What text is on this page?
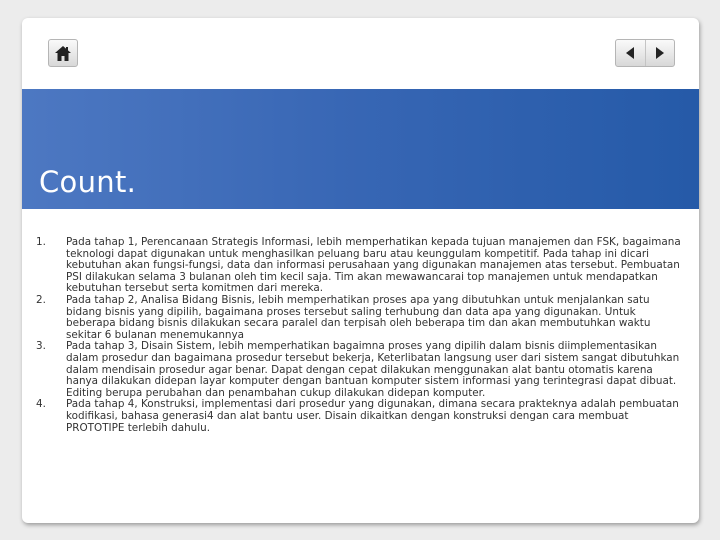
Count.
1.	Pada tahap 1, Perencanaan Strategis Informasi, lebih memperhatikan kepada tujuan manajemen dan FSK, bagaimana teknologi dapat digunakan untuk menghasilkan peluang baru atau keunggulam kompetitif. Pada tahap ini dicari kebutuhan akan fungsi-fungsi, data dan informasi perusahaan yang digunakan manajemen atas tersebut. Pembuatan PSI dilakukan selama 3 bulanan oleh tim kecil saja. Tim akan mewawancarai top manajemen untuk mendapatkan kebutuhan tersebut serta komitmen dari mereka.
2.	Pada tahap 2, Analisa Bidang Bisnis, lebih memperhatikan proses apa yang dibutuhkan untuk menjalankan satu bidang bisnis yang dipilih, bagaimana proses tersebut saling terhubung dan data apa yang digunakan. Untuk beberapa bidang bisnis dilakukan secara paralel dan terpisah oleh beberapa tim dan akan membutuhkan waktu sekitar 6 bulanan menemukannya
3.	Pada tahap 3, Disain Sistem, lebih memperhatikan bagaimna proses yang dipilih dalam bisnis diimplementasikan dalam prosedur dan bagaimana prosedur tersebut bekerja, Keterlibatan langsung user dari sistem sangat dibutuhkan dalam mendisain prosedur agar benar. Dapat dengan cepat dilakukan menggunakan alat bantu otomatis karena hanya dilakukan didepan layar komputer dengan bantuan komputer sistem informasi yang terintegrasi dapat dibuat. Editing berupa perubahan dan penambahan cukup dilakukan didepan komputer.
4.	Pada tahap 4, Konstruksi, implementasi dari prosedur yang digunakan, dimana secara prakteknya adalah pembuatan kodifikasi, bahasa generasi4 dan alat bantu user. Disain dikaitkan dengan konstruksi dengan cara membuat PROTOTIPE terlebih dahulu.
